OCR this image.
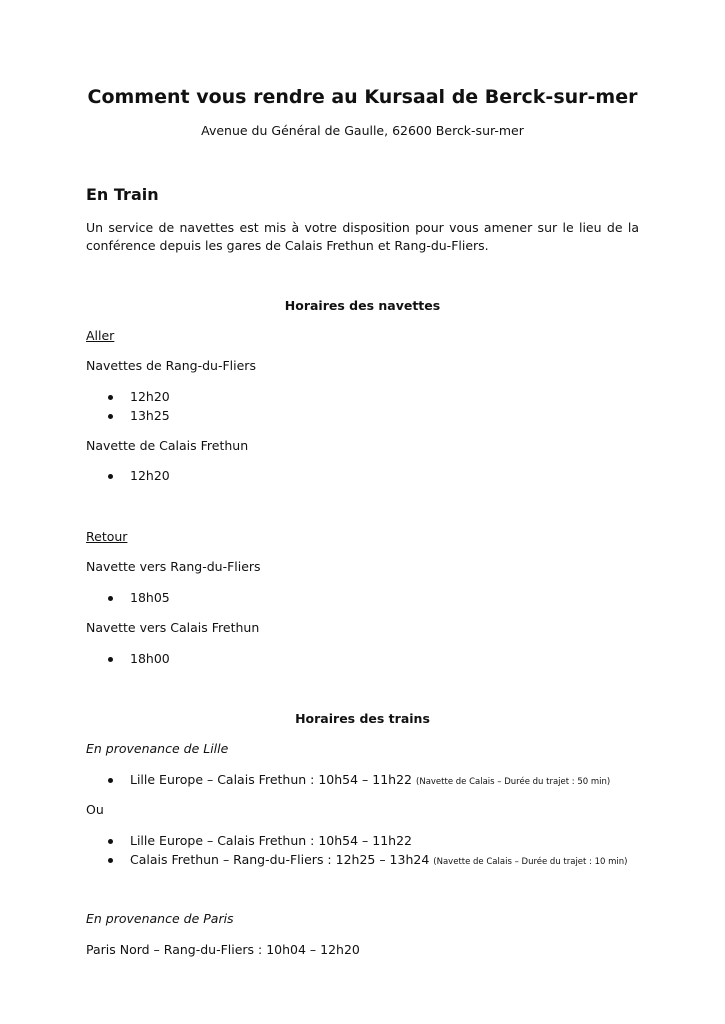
Comment vous rendre au Kursaal de Berck-sur-mer
Avenue du Général de Gaulle, 62600 Berck-sur-mer
En Train
Un service de navettes est mis à votre disposition pour vous amener sur le lieu de la
conférence depuis les gares de Calais Frethun et Rang-du-Fliers.
Horaires des navettes
Aller
Navettes de Rang-du-Fliers
12h20
13h25
Navette de Calais Frethun
12h20
Retour
Navette vers Rang-du-Fliers
18h05
Navette vers Calais Frethun
18h00
Horaires des trains
En provenance de Lille
Lille Europe – Calais Frethun : 10h54 – 11h22 (Navette de Calais – Durée du trajet : 50 min)
Ou
Lille Europe – Calais Frethun : 10h54 – 11h22
Calais Frethun – Rang-du-Fliers : 12h25 – 13h24 (Navette de Calais – Durée du trajet : 10 min)
En provenance de Paris
Paris Nord – Rang-du-Fliers : 10h04 – 12h20
